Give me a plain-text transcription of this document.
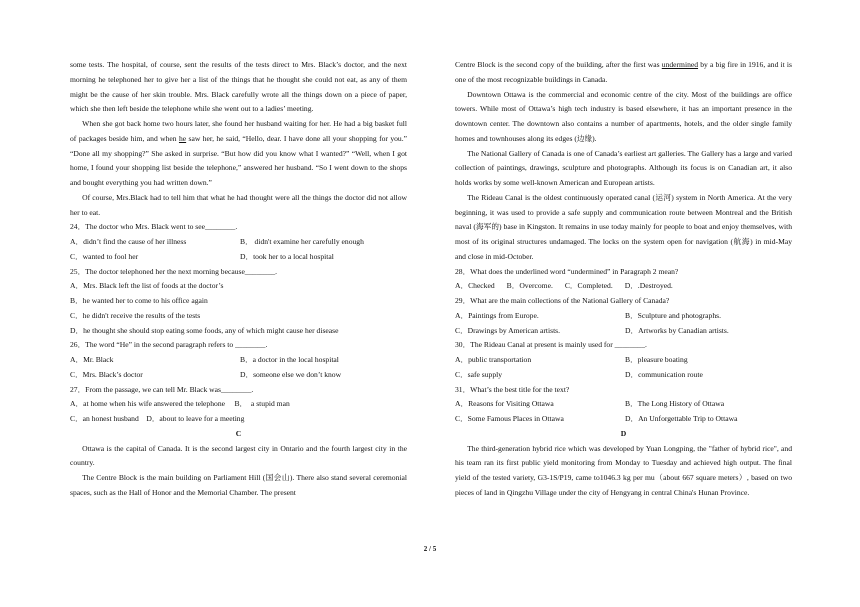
some tests. The hospital, of course, sent the results of the tests direct to Mrs. Black’s doctor, and the next morning he telephoned her to give her a list of the things that he thought she could not eat, as any of them might be the cause of her skin trouble. Mrs. Black carefully wrote all the things down on a piece of paper, which she then left beside the telephone while she went out to a ladies’ meeting.

When she got back home two hours later, she found her husband waiting for her. He had a big basket full of packages beside him, and when he saw her, he said, “Hello, dear. I have done all your shopping for you.” “Done all my shopping?” She asked in surprise. “But how did you know what I wanted?” “Well, when I got home, I found your shopping list beside the telephone,” answered her husband. “So I went down to the shops and bought everything you had written down.”

Of course, Mrs.Black had to tell him that what he had thought were all the things the doctor did not allow her to eat.

24．The doctor who Mrs. Black went to see________.

A．didn’t find the cause of her illness	B． didn't examine her carefully enough
C．wanted to fool her	D．took her to a local hospital

25．The doctor telephoned her the next morning because________.

A．Mrs. Black left the list of foods at the doctor’s

B．he wanted her to come to his office again

C．he didn't receive the results of the tests

D．he thought she should stop eating some foods, any of which might cause her disease

26．The word “He” in the second paragraph refers to ________.

A．Mr. Black	B．a doctor in the local hospital
C．Mrs. Black’s doctor	D．someone else we don’t know

27．From the passage, we can tell Mr. Black was________.

A．at home when his wife answered the telephone     B．  a stupid man

C．an honest husband    D．about to leave for a meeting

C

Ottawa is the capital of Canada. It is the second largest city in Ontario and the fourth largest city in the country.

The Centre Block is the main building on Parliament Hill (国会山). There also stand several ceremonial spaces, such as the Hall of Honor and the Memorial Chamber. The present

Centre Block is the second copy of the building, after the first was undermined by a big fire in 1916, and it is one of the most recognizable buildings in Canada.

Downtown Ottawa is the commercial and economic centre of the city. Most of the buildings are office towers. While most of Ottawa’s high tech industry is based elsewhere, it has an important presence in the downtown center. The downtown also contains a number of apartments, hotels, and the older single family homes and townhouses along its edges (边缘).

The National Gallery of Canada is one of Canada’s earliest art galleries. The Gallery has a large and varied collection of paintings, drawings, sculpture and photographs. Although its focus is on Canadian art, it also holds works by some well-known American and European artists.

The Rideau Canal is the oldest continuously operated canal (运河) system in North America. At the very beginning, it was used to provide a safe supply and communication route between Montreal and the British naval (海军的) base in Kingston. It remains in use today mainly for people to boat and enjoy themselves, with most of its original structures undamaged. The locks on the system open for navigation (航海) in mid-May and close in mid-October.

28．What does the underlined word “undermined” in Paragraph 2 mean?

A．Checked B．Overcome. C．Completed. D．.Destroyed.

29．What are the main collections of the National Gallery of Canada?

A．Paintings from Europe.	B．Sculpture and photographs.
C．Drawings by American artists.	D．Artworks by Canadian artists.

30．The Rideau Canal at present is mainly used for ________.

A．public transportation	B．pleasure boating
C．safe supply	D．communication route

31．What’s the best title for the text?

A．Reasons for Visiting Ottawa	B．The Long History of Ottawa
C．Some Famous Places in Ottawa	D．An Unforgettable Trip to Ottawa

D

The third-generation hybrid rice which was developed by Yuan Longping, the "father of hybrid rice", and his team ran its first public yield monitoring from Monday to Tuesday and achieved high output. The final yield of the tested variety, G3-1S/P19, came to1046.3 kg per mu（about 667 square meters）, based on two pieces of land in Qingzhu Village under the city of Hengyang in central China's Hunan Province.

2 / 5
